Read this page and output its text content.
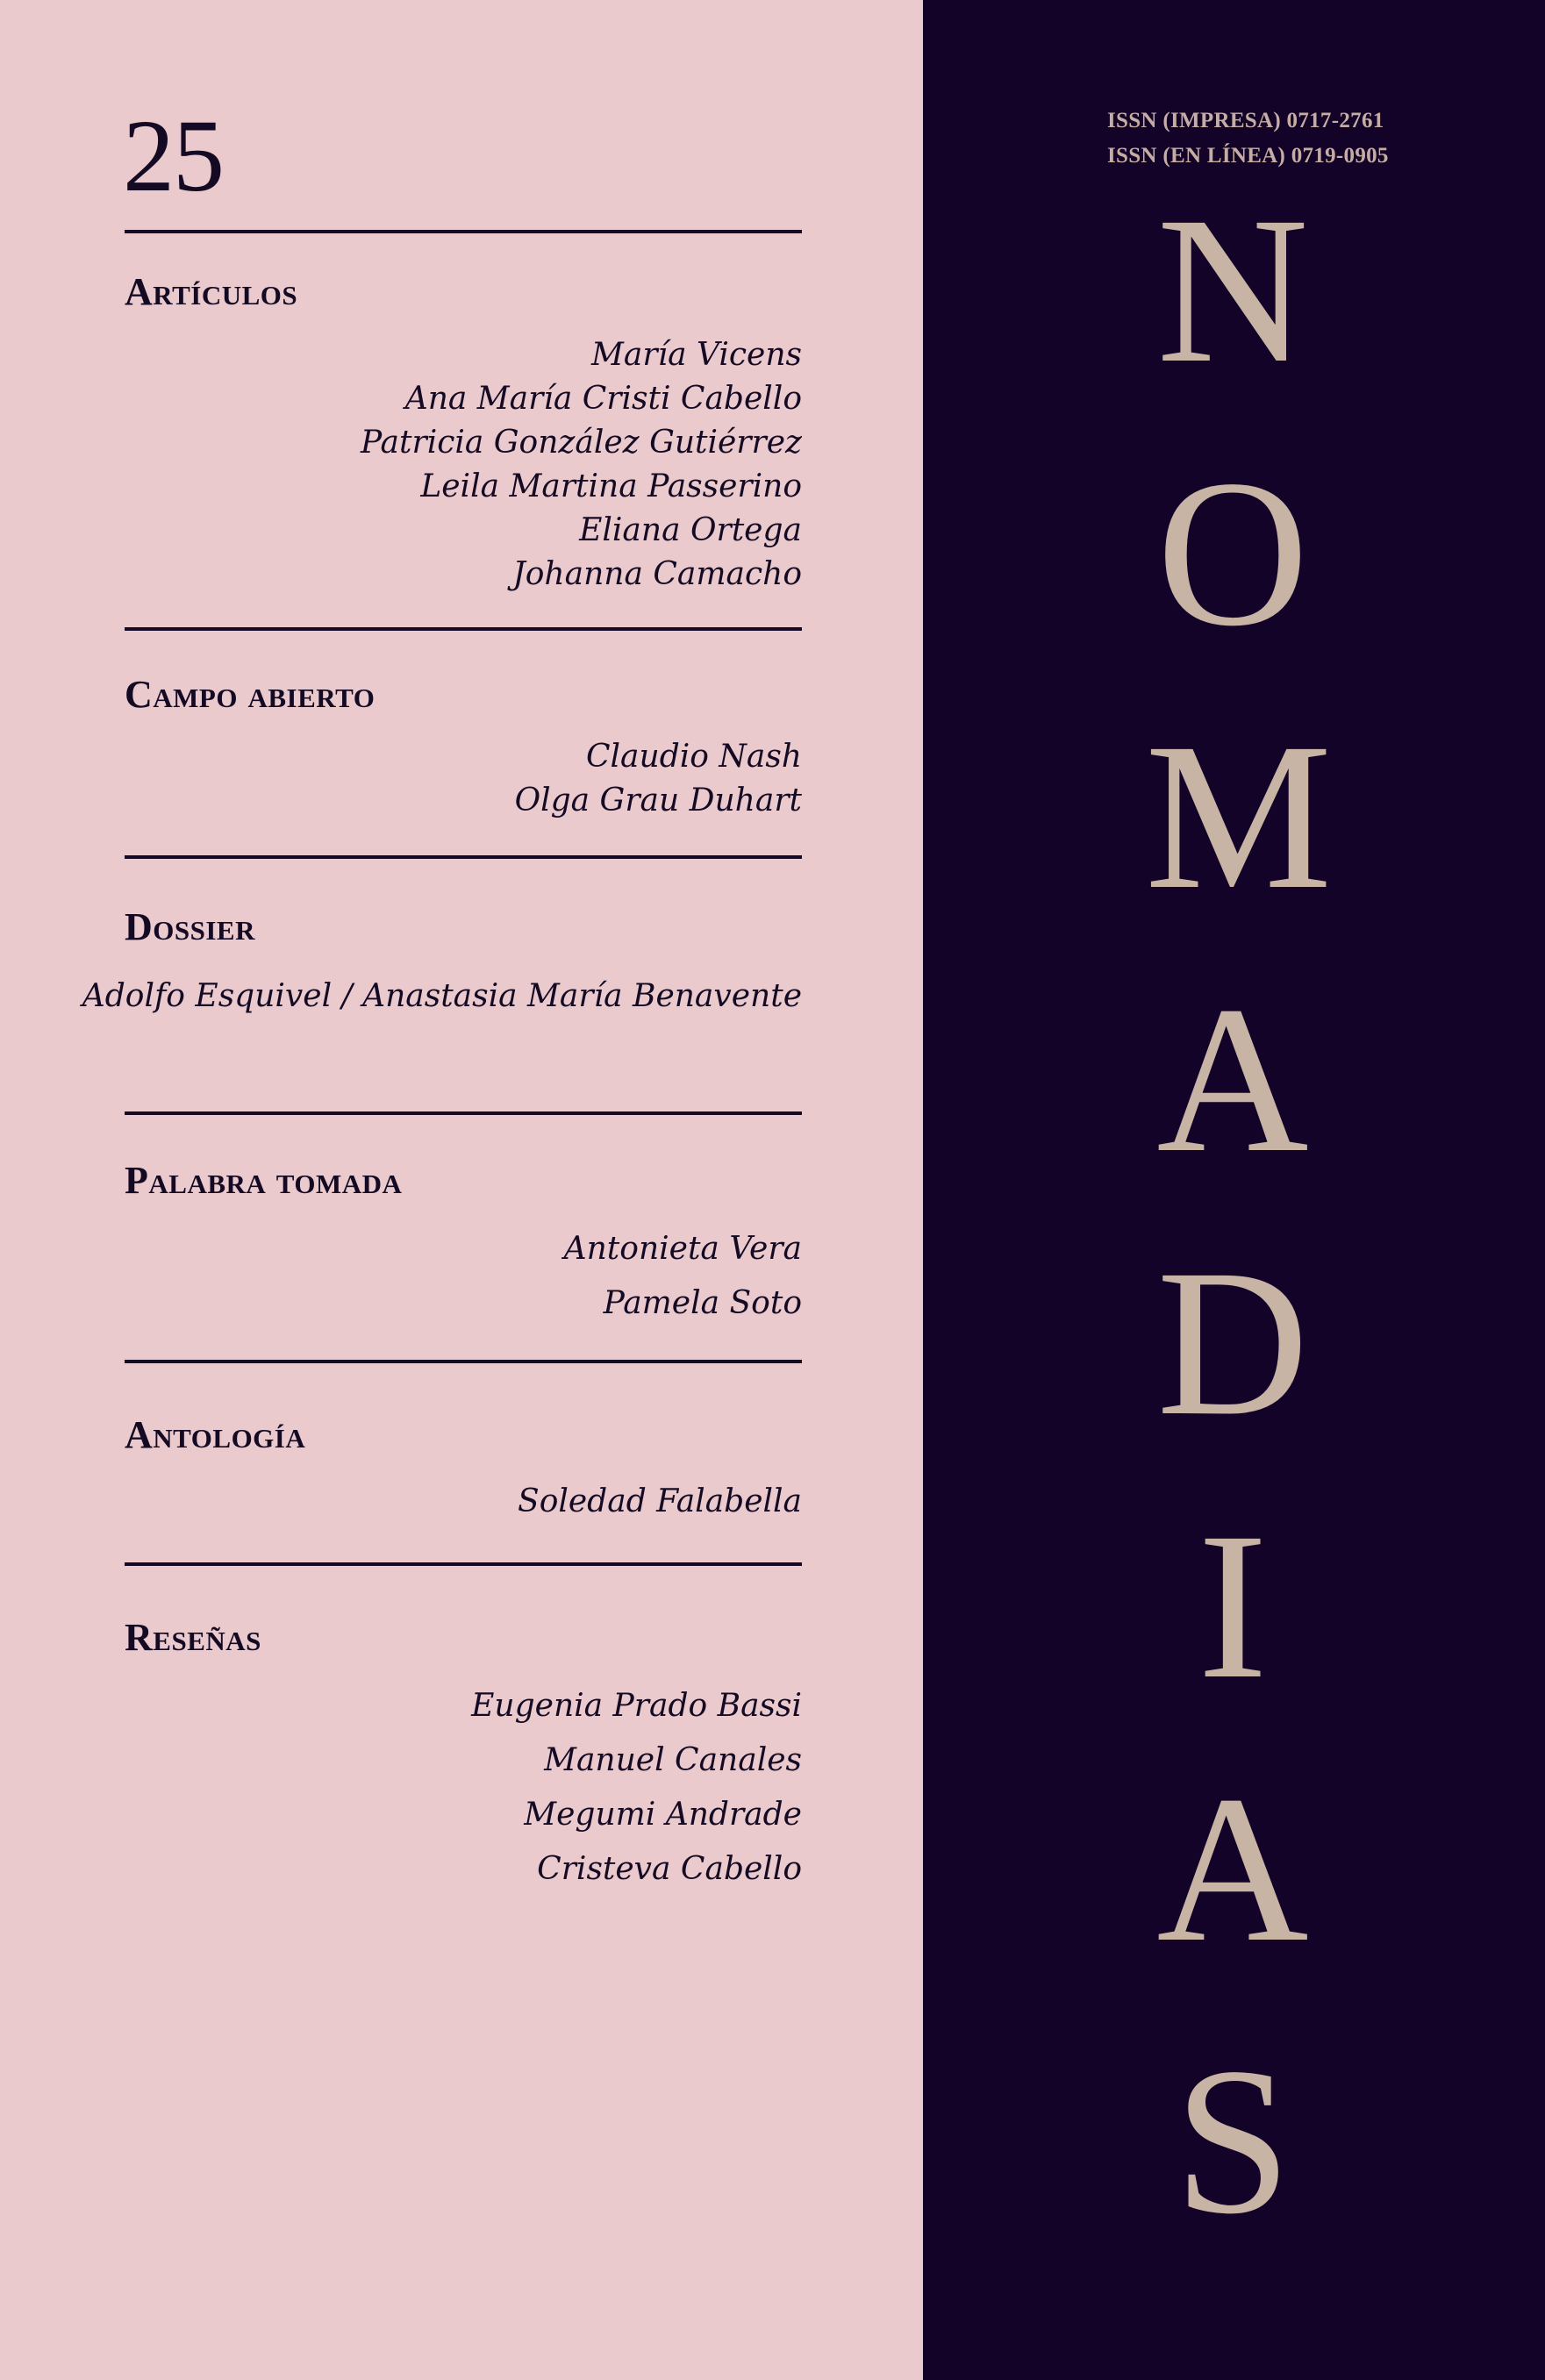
25
Artículos
María Vicens
Ana María Cristi Cabello
Patricia González Gutiérrez
Leila Martina Passerino
Eliana Ortega
Johanna Camacho
Campo abierto
Claudio Nash
Olga Grau Duhart
Dossier
Adolfo Esquivel / Anastasia María Benavente
Palabra tomada
Antonieta Vera
Pamela Soto
Antología
Soledad Falabella
Reseñas
Eugenia Prado Bassi
Manuel Canales
Megumi Andrade
Cristeva Cabello
ISSN (IMPRESA) 0717-2761
ISSN (EN LÍNEA) 0719-0905
N
O
M
A
D
I
A
S
